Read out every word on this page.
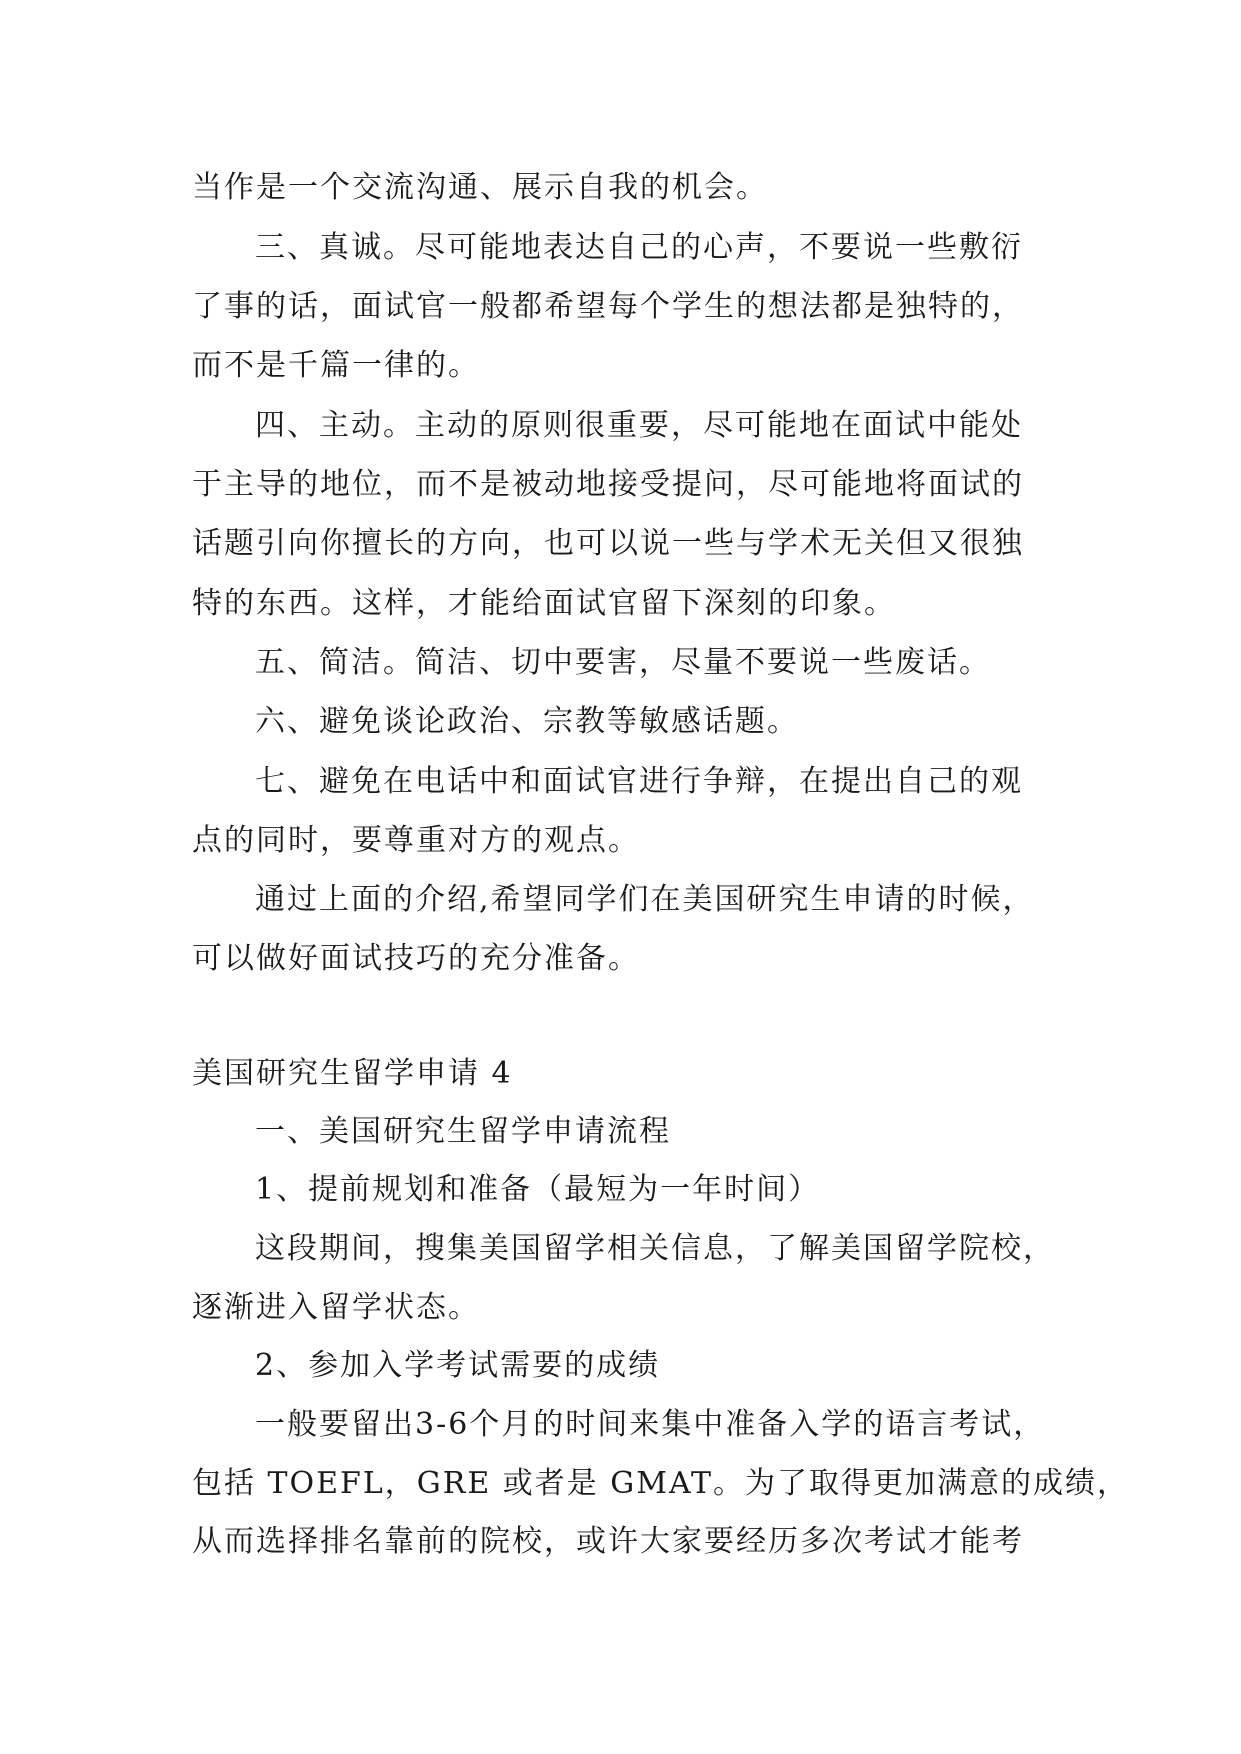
当作是一个交流沟通、展示自我的机会。
三、真诚。尽可能地表达自己的心声，不要说一些敷衍
了事的话，面试官一般都希望每个学生的想法都是独特的，
而不是千篇一律的。
四、主动。主动的原则很重要，尽可能地在面试中能处
于主导的地位，而不是被动地接受提问，尽可能地将面试的
话题引向你擅长的方向，也可以说一些与学术无关但又很独
特的东西。这样，才能给面试官留下深刻的印象。
五、简洁。简洁、切中要害，尽量不要说一些废话。
六、避免谈论政治、宗教等敏感话题。
七、避免在电话中和面试官进行争辩，在提出自己的观
点的同时，要尊重对方的观点。
通过上面的介绍,希望同学们在美国研究生申请的时候，
可以做好面试技巧的充分准备。
美国研究生留学申请 4
一、美国研究生留学申请流程
1、提前规划和准备（最短为一年时间）
这段期间，搜集美国留学相关信息，了解美国留学院校，
逐渐进入留学状态。
2、参加入学考试需要的成绩
一般要留出3-6个月的时间来集中准备入学的语言考试，
包括 TOEFL，GRE 或者是 GMAT。为了取得更加满意的成绩，
从而选择排名靠前的院校，或许大家要经历多次考试才能考
